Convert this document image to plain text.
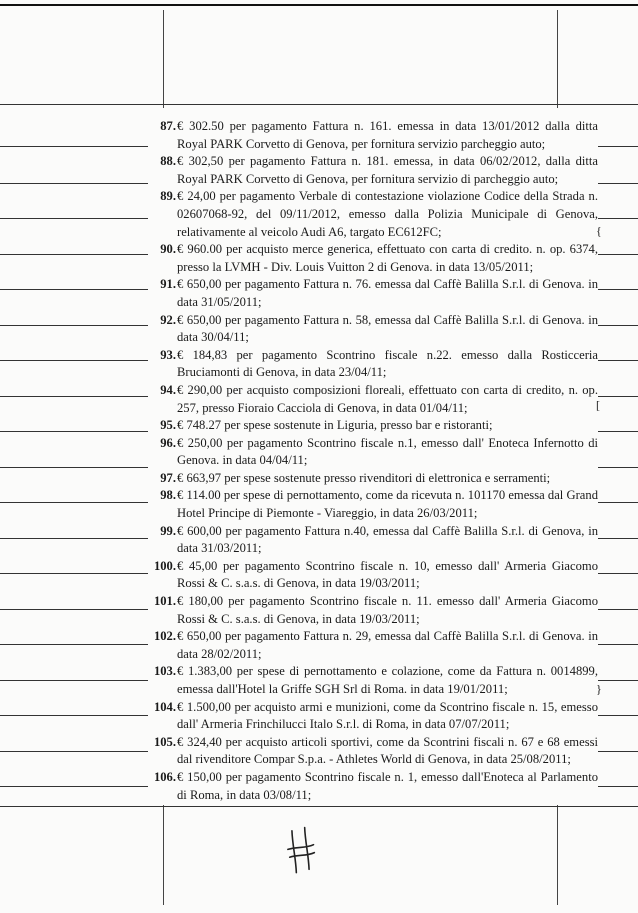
{
[
}
87. € 302.50 per pagamento Fattura n. 161. emessa in data 13/01/2012 dalla ditta Royal PARK Corvetto di Genova, per fornitura servizio parcheggio auto;
88. € 302,50 per pagamento Fattura n. 181. emessa, in data 06/02/2012, dalla ditta Royal PARK Corvetto di Genova, per fornitura servizio di parcheggio auto;
89. € 24,00 per pagamento Verbale di contestazione violazione Codice della Strada n. 02607068-92, del 09/11/2012, emesso dalla Polizia Municipale di Genova, relativamente al veicolo Audi A6, targato EC612FC;
90. € 960.00 per acquisto merce generica, effettuato con carta di credito. n. op. 6374, presso la LVMH - Div. Louis Vuitton 2 di Genova. in data 13/05/2011;
91. € 650,00 per pagamento Fattura n. 76. emessa dal Caffè Balilla S.r.l. di Genova. in data 31/05/2011;
92. € 650,00 per pagamento Fattura n. 58, emessa dal Caffè Balilla S.r.l. di Genova. in data 30/04/11;
93. € 184,83 per pagamento Scontrino fiscale n.22. emesso dalla Rosticceria Bruciamonti di Genova, in data 23/04/11;
94. € 290,00 per acquisto composizioni floreali, effettuato con carta di credito, n. op. 257, presso Fioraio Cacciola di Genova, in data 01/04/11;
95. € 748.27 per spese sostenute in Liguria, presso bar e ristoranti;
96. € 250,00 per pagamento Scontrino fiscale n.1, emesso dall' Enoteca Infernotto di Genova. in data 04/04/11;
97. € 663,97 per spese sostenute presso rivenditori di elettronica e serramenti;
98. € 114.00 per spese di pernottamento, come da ricevuta n. 101170 emessa dal Grand Hotel Principe di Piemonte - Viareggio, in data 26/03/2011;
99. € 600,00 per pagamento Fattura n.40, emessa dal Caffè Balilla S.r.l. di Genova, in data 31/03/2011;
100. € 45,00 per pagamento Scontrino fiscale n. 10, emesso dall' Armeria Giacomo Rossi & C. s.a.s. di Genova, in data 19/03/2011;
101. € 180,00 per pagamento Scontrino fiscale n. 11. emesso dall' Armeria Giacomo Rossi & C. s.a.s. di Genova, in data 19/03/2011;
102. € 650,00 per pagamento Fattura n. 29, emessa dal Caffè Balilla S.r.l. di Genova. in data 28/02/2011;
103. € 1.383,00 per spese di pernottamento e colazione, come da Fattura n. 0014899, emessa dall'Hotel la Griffe SGH Srl di Roma. in data 19/01/2011;
104. € 1.500,00 per acquisto armi e munizioni, come da Scontrino fiscale n. 15, emesso dall' Armeria Frinchilucci Italo S.r.l. di Roma, in data 07/07/2011;
105. € 324,40 per acquisto articoli sportivi, come da Scontrini fiscali n. 67 e 68 emessi dal rivenditore Compar S.p.a. - Athletes World di Genova, in data 25/08/2011;
106. € 150,00 per pagamento Scontrino fiscale n. 1, emesso dall'Enoteca al Parlamento di Roma, in data 03/08/11;
